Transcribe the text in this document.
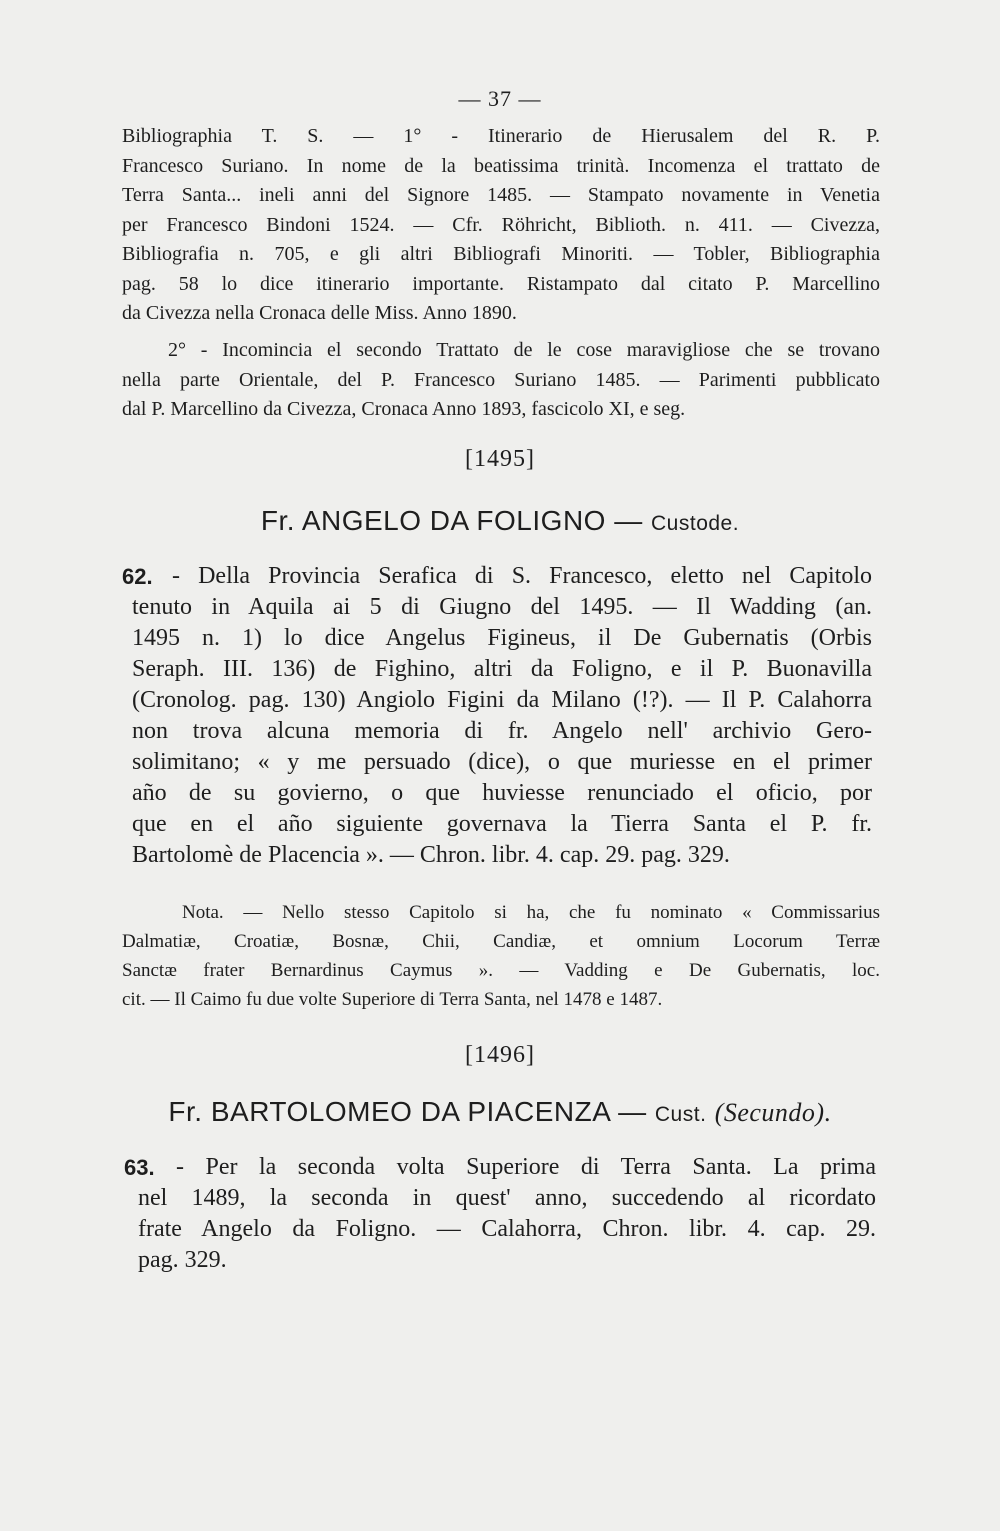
— 37 —

Bibliographia T. S. — 1° - Itinerario de Hierusalem del R. P.
Francesco Suriano. In nome de la beatissima trinità. Incomenza el trattato de
Terra Santa... ineli anni del Signore 1485. — Stampato novamente in Venetia
per Francesco Bindoni 1524. — Cfr. Röhricht, Biblioth. n. 411. — Civezza,
Bibliografia n. 705, e gli altri Bibliografi Minoriti. — Tobler, Bibliographia
pag. 58 lo dice itinerario importante. Ristampato dal citato P. Marcellino
da Civezza nella Cronaca delle Miss. Anno 1890.

2° - Incomincia el secondo Trattato de le cose maravigliose che se trovano
nella parte Orientale, del P. Francesco Suriano 1485. — Parimenti pubblicato
dal P. Marcellino da Civezza, Cronaca Anno 1893, fascicolo XI, e seg.

[1495]
Fr. ANGELO DA FOLIGNO — Custode.
62. - Della Provincia Serafica di S. Francesco, eletto nel Capitolo
tenuto in Aquila ai 5 di Giugno del 1495. — Il Wadding (an.
1495 n. 1) lo dice Angelus Figineus, il De Gubernatis (Orbis
Seraph. III. 136) de Fighino, altri da Foligno, e il P. Buonavilla
(Cronolog. pag. 130) Angiolo Figini da Milano (!?). — Il P. Calahorra
non trova alcuna memoria di fr. Angelo nell' archivio Gero-
solimitano; « y me persuado (dice), o que muriesse en el primer
año de su govierno, o que huviesse renunciado el oficio, por
que en el año siguiente governava la Tierra Santa el P. fr.
Bartolomè de Placencia ». — Chron. libr. 4. cap. 29. pag. 329.

Nota. — Nello stesso Capitolo si ha, che fu nominato « Commissarius
Dalmatiæ, Croatiæ, Bosnæ, Chii, Candiæ, et omnium Locorum Terræ
Sanctæ frater Bernardinus Caymus ». — Vadding e De Gubernatis, loc.
cit. — Il Caimo fu due volte Superiore di Terra Santa, nel 1478 e 1487.

[1496]
Fr. BARTOLOMEO DA PIACENZA — Cust. (Secundo).
63. - Per la seconda volta Superiore di Terra Santa. La prima
nel 1489, la seconda in quest' anno, succedendo al ricordato
frate Angelo da Foligno. — Calahorra, Chron. libr. 4. cap. 29.
pag. 329.
